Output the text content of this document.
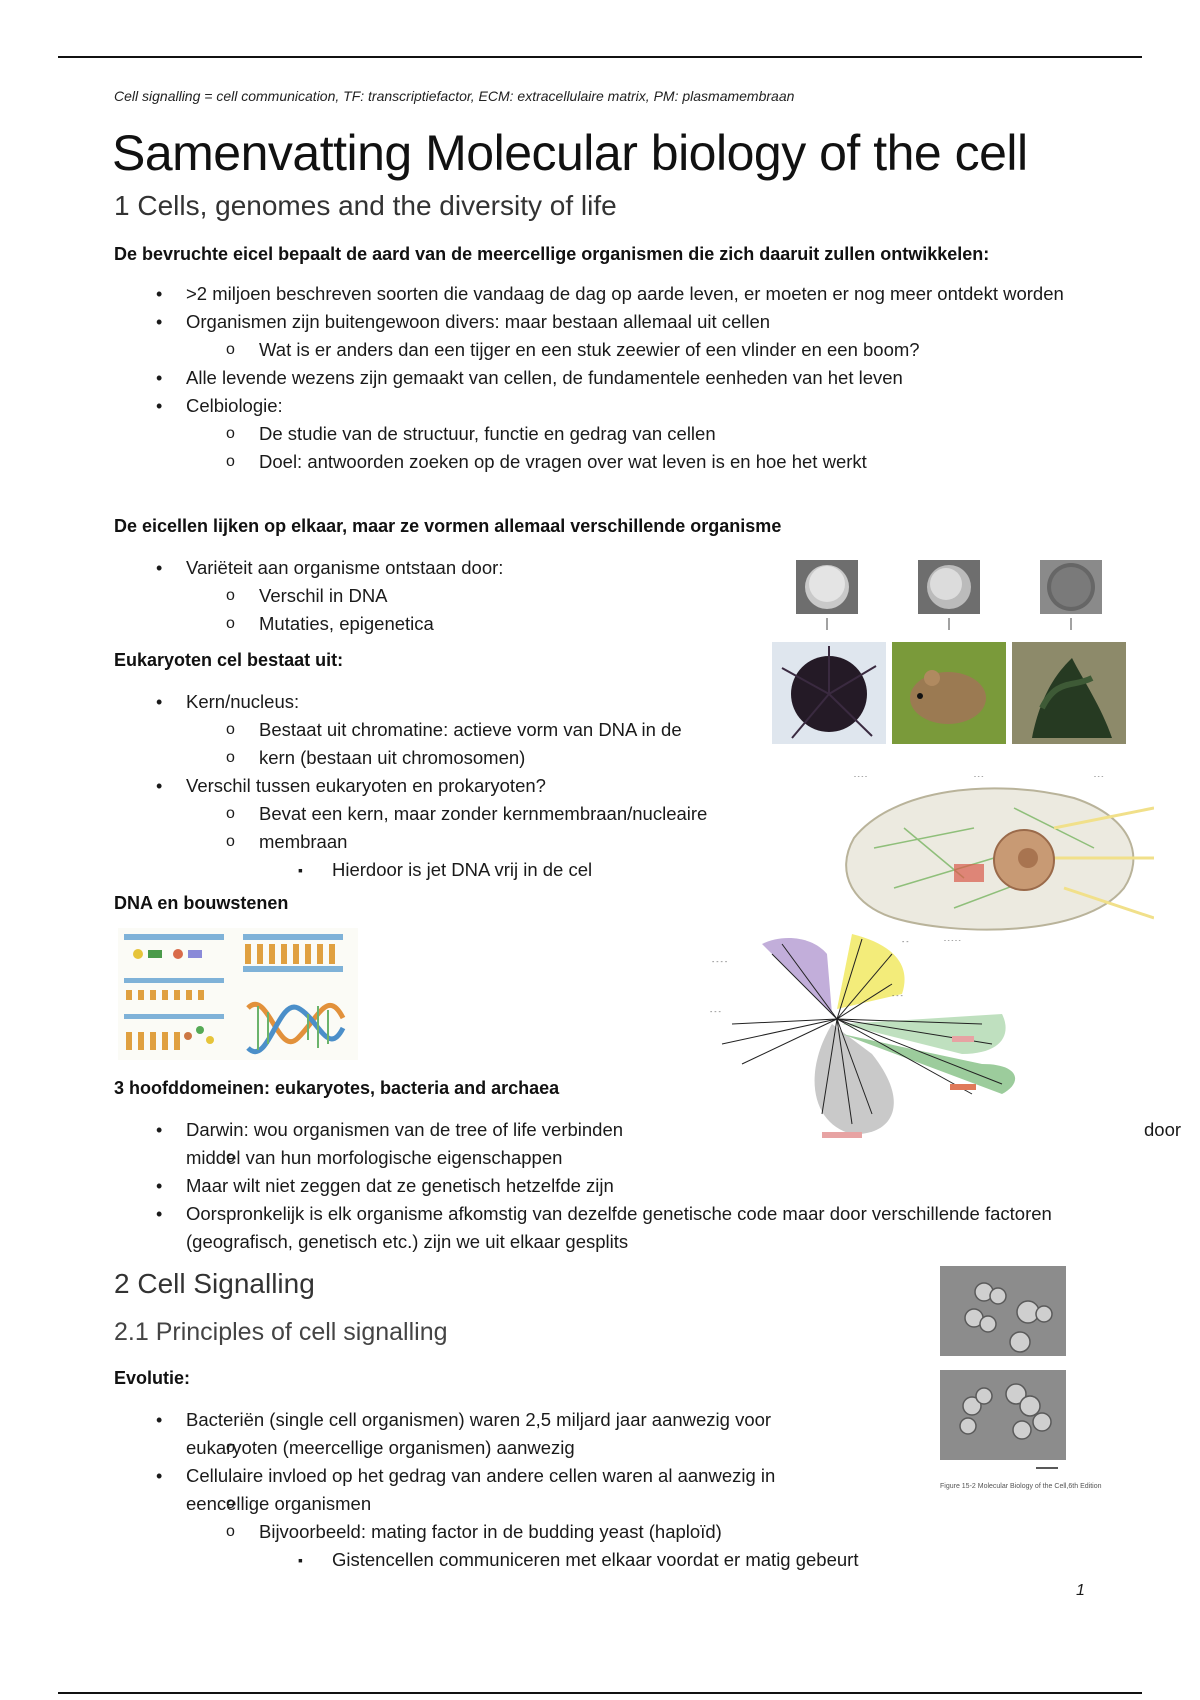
Cell signalling = cell communication, TF: transcriptiefactor, ECM: extracellulaire matrix, PM: plasmamembraan
Samenvatting Molecular biology of the cell
1 Cells, genomes and the diversity of life
De bevruchte eicel bepaalt de aard van de meercellige organismen die zich daaruit zullen ontwikkelen:
• >2 miljoen beschreven soorten die vandaag de dag op aarde leven, er moeten er nog meer ontdekt worden
• Organismen zijn buitengewoon divers: maar bestaan allemaal uit cellen
o Wat is er anders dan een tijger en een stuk zeewier of een vlinder en een boom?
• Alle levende wezens zijn gemaakt van cellen, de fundamentele eenheden van het leven
• Celbiologie:
o De studie van de structuur, functie en gedrag van cellen
o Doel: antwoorden zoeken op de vragen over wat leven is en hoe het werkt
De eicellen lijken op elkaar, maar ze vormen allemaal verschillende organisme
• Variëteit aan organisme ontstaan door:
o Verschil in DNA
o Mutaties, epigenetica
Eukaryoten cel bestaat uit:
• Kern/nucleus:
o Bestaat uit chromatine: actieve vorm van DNA in de
o kern (bestaan uit chromosomen)
• Verschil tussen eukaryoten en prokaryoten?
o Bevat een kern, maar zonder kernmembraan/nucleaire
o membraan
▪ Hierdoor is jet DNA vrij in de cel
DNA en bouwstenen
3 hoofddomeinen: eukaryotes, bacteria and archaea
• Darwin: wou organismen van de tree of life verbinden	door
o middel van hun morfologische eigenschappen
• Maar wilt niet zeggen dat ze genetisch hetzelfde zijn
• Oorspronkelijk is elk organisme afkomstig van dezelfde genetische code maar door verschillende factoren (geografisch, genetisch etc.) zijn we uit elkaar gesplits
2 Cell Signalling
2.1 Principles of cell signalling
Evolutie:
• Bacteriën (single cell organismen) waren 2,5 miljard jaar aanwezig voor
o eukaryoten (meercellige organismen) aanwezig
• Cellulaire invloed op het gedrag van andere cellen waren al aanwezig in
o eencellige organismen
o Bijvoorbeeld: mating factor in de budding yeast (haploïd)
▪ Gistencellen communiceren met elkaar voordat er matig gebeurt
1
- - - -	- - -	- - -
- - - - -
- - - -
- - -
- - -
- -
Figure 15-2 Molecular Biology of the Cell,6th Edition
